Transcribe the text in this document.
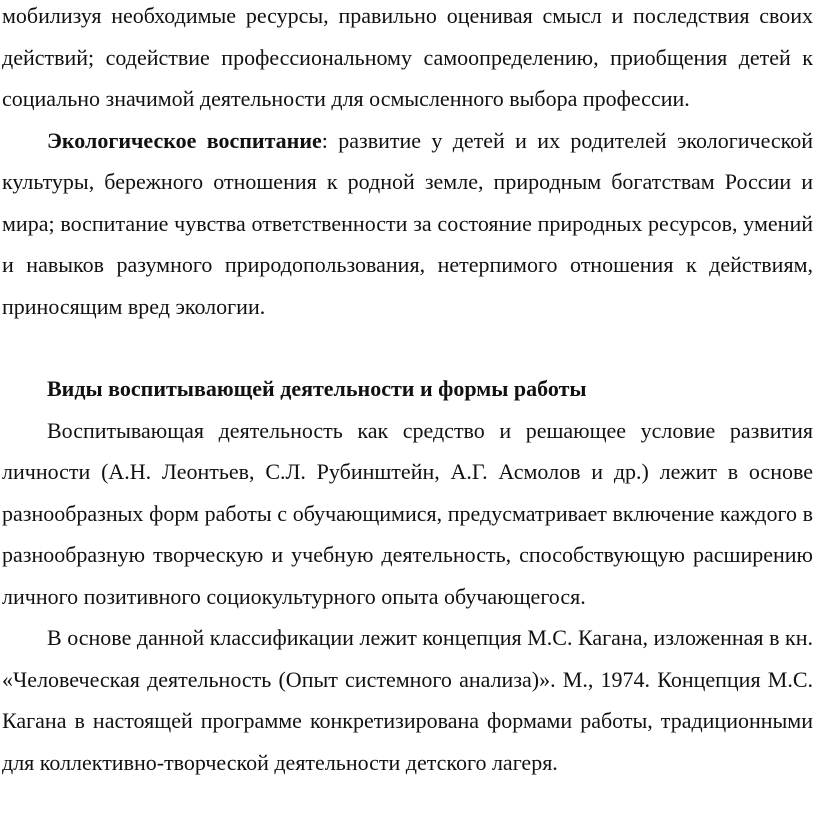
мобилизуя необходимые ресурсы, правильно оценивая смысл и последствия своих действий; содействие профессиональному самоопределению, приобщения детей к социально значимой деятельности для осмысленного выбора профессии.

Экологическое воспитание: развитие у детей и их родителей экологической культуры, бережного отношения к родной земле, природным богатствам России и мира; воспитание чувства ответственности за состояние природных ресурсов, умений и навыков разумного природопользования, нетерпимого отношения к действиям, приносящим вред экологии.

Виды воспитывающей деятельности и формы работы

Воспитывающая деятельность как средство и решающее условие развития личности (А.Н. Леонтьев, С.Л. Рубинштейн, А.Г. Асмолов и др.) лежит в основе разнообразных форм работы с обучающимися, предусматривает включение каждого в разнообразную творческую и учебную деятельность, способствующую расширению личного позитивного социокультурного опыта обучающегося.

В основе данной классификации лежит концепция М.С. Кагана, изложенная в кн. «Человеческая деятельность (Опыт системного анализа)». М., 1974. Концепция М.С. Кагана в настоящей программе конкретизирована формами работы, традиционными для коллективно-творческой деятельности детского лагеря.
